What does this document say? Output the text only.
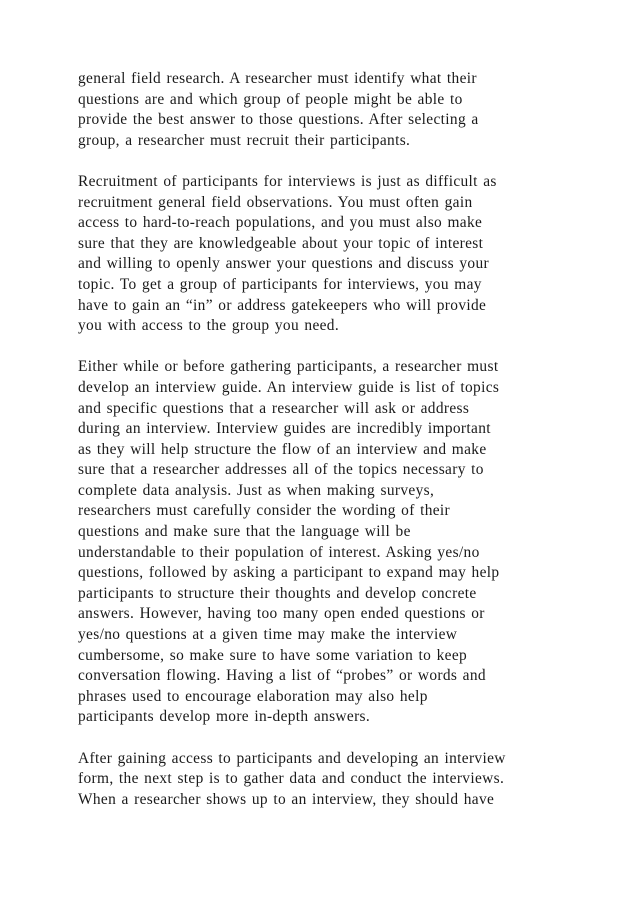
general field research. A researcher must identify what their
questions are and which group of people might be able to
provide the best answer to those questions. After selecting a
group, a researcher must recruit their participants.

Recruitment of participants for interviews is just as difficult as
recruitment general field observations. You must often gain
access to hard-to-reach populations, and you must also make
sure that they are knowledgeable about your topic of interest
and willing to openly answer your questions and discuss your
topic. To get a group of participants for interviews, you may
have to gain an “in” or address gatekeepers who will provide
you with access to the group you need.

Either while or before gathering participants, a researcher must
develop an interview guide. An interview guide is list of topics
and specific questions that a researcher will ask or address
during an interview. Interview guides are incredibly important
as they will help structure the flow of an interview and make
sure that a researcher addresses all of the topics necessary to
complete data analysis. Just as when making surveys,
researchers must carefully consider the wording of their
questions and make sure that the language will be
understandable to their population of interest. Asking yes/no
questions, followed by asking a participant to expand may help
participants to structure their thoughts and develop concrete
answers. However, having too many open ended questions or
yes/no questions at a given time may make the interview
cumbersome, so make sure to have some variation to keep
conversation flowing. Having a list of “probes” or words and
phrases used to encourage elaboration may also help
participants develop more in-depth answers.

After gaining access to participants and developing an interview
form, the next step is to gather data and conduct the interviews.
When a researcher shows up to an interview, they should have
